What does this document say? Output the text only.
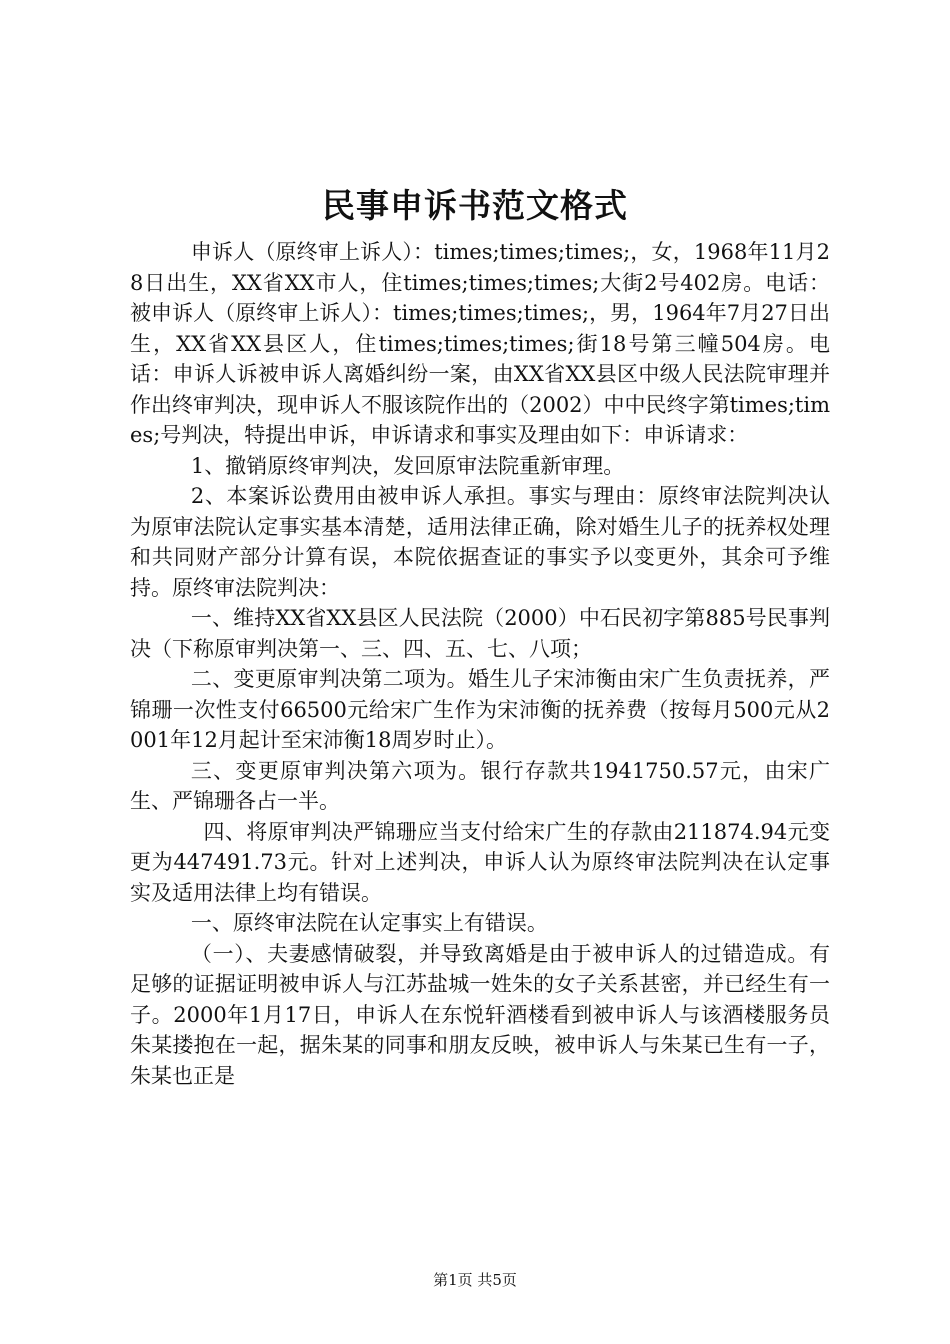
民事申诉书范文格式

申诉人（原终审上诉人）：times;times;times;，女，1968年11月28日出生，XX省XX市人，住times;times;times;大街2号402房。电话：被申诉人（原终审上诉人）：times;times;times;，男，1964年7月27日出生，XX省XX县区人，住times;times;times;街18号第三幢504房。电话：申诉人诉被申诉人离婚纠纷一案，由XX省XX县区中级人民法院审理并作出终审判决，现申诉人不服该院作出的（2002）中中民终字第times;times;号判决，特提出申诉，申诉请求和事实及理由如下：申诉请求：

1、撤销原终审判决，发回原审法院重新审理。

2、本案诉讼费用由被申诉人承担。事实与理由：原终审法院判决认为原审法院认定事实基本清楚，适用法律正确，除对婚生儿子的抚养权处理和共同财产部分计算有误，本院依据查证的事实予以变更外，其余可予维持。原终审法院判决：

一、维持XX省XX县区人民法院（2000）中石民初字第885号民事判决（下称原审判决第一、三、四、五、七、八项；

二、变更原审判决第二项为。婚生儿子宋沛衡由宋广生负责抚养，严锦珊一次性支付66500元给宋广生作为宋沛衡的抚养费（按每月500元从2001年12月起计至宋沛衡18周岁时止）。

三、变更原审判决第六项为。银行存款共1941750.57元，由宋广生、严锦珊各占一半。

四、将原审判决严锦珊应当支付给宋广生的存款由211874.94元变更为447491.73元。针对上述判决，申诉人认为原终审法院判决在认定事实及适用法律上均有错误。

一、原终审法院在认定事实上有错误。

（一）、夫妻感情破裂，并导致离婚是由于被申诉人的过错造成。有足够的证据证明被申诉人与江苏盐城一姓朱的女子关系甚密，并已经生有一子。2000年1月17日，申诉人在东悦轩酒楼看到被申诉人与该酒楼服务员朱某搂抱在一起，据朱某的同事和朋友反映，被申诉人与朱某已生有一子，朱某也正是

第1页 共5页
